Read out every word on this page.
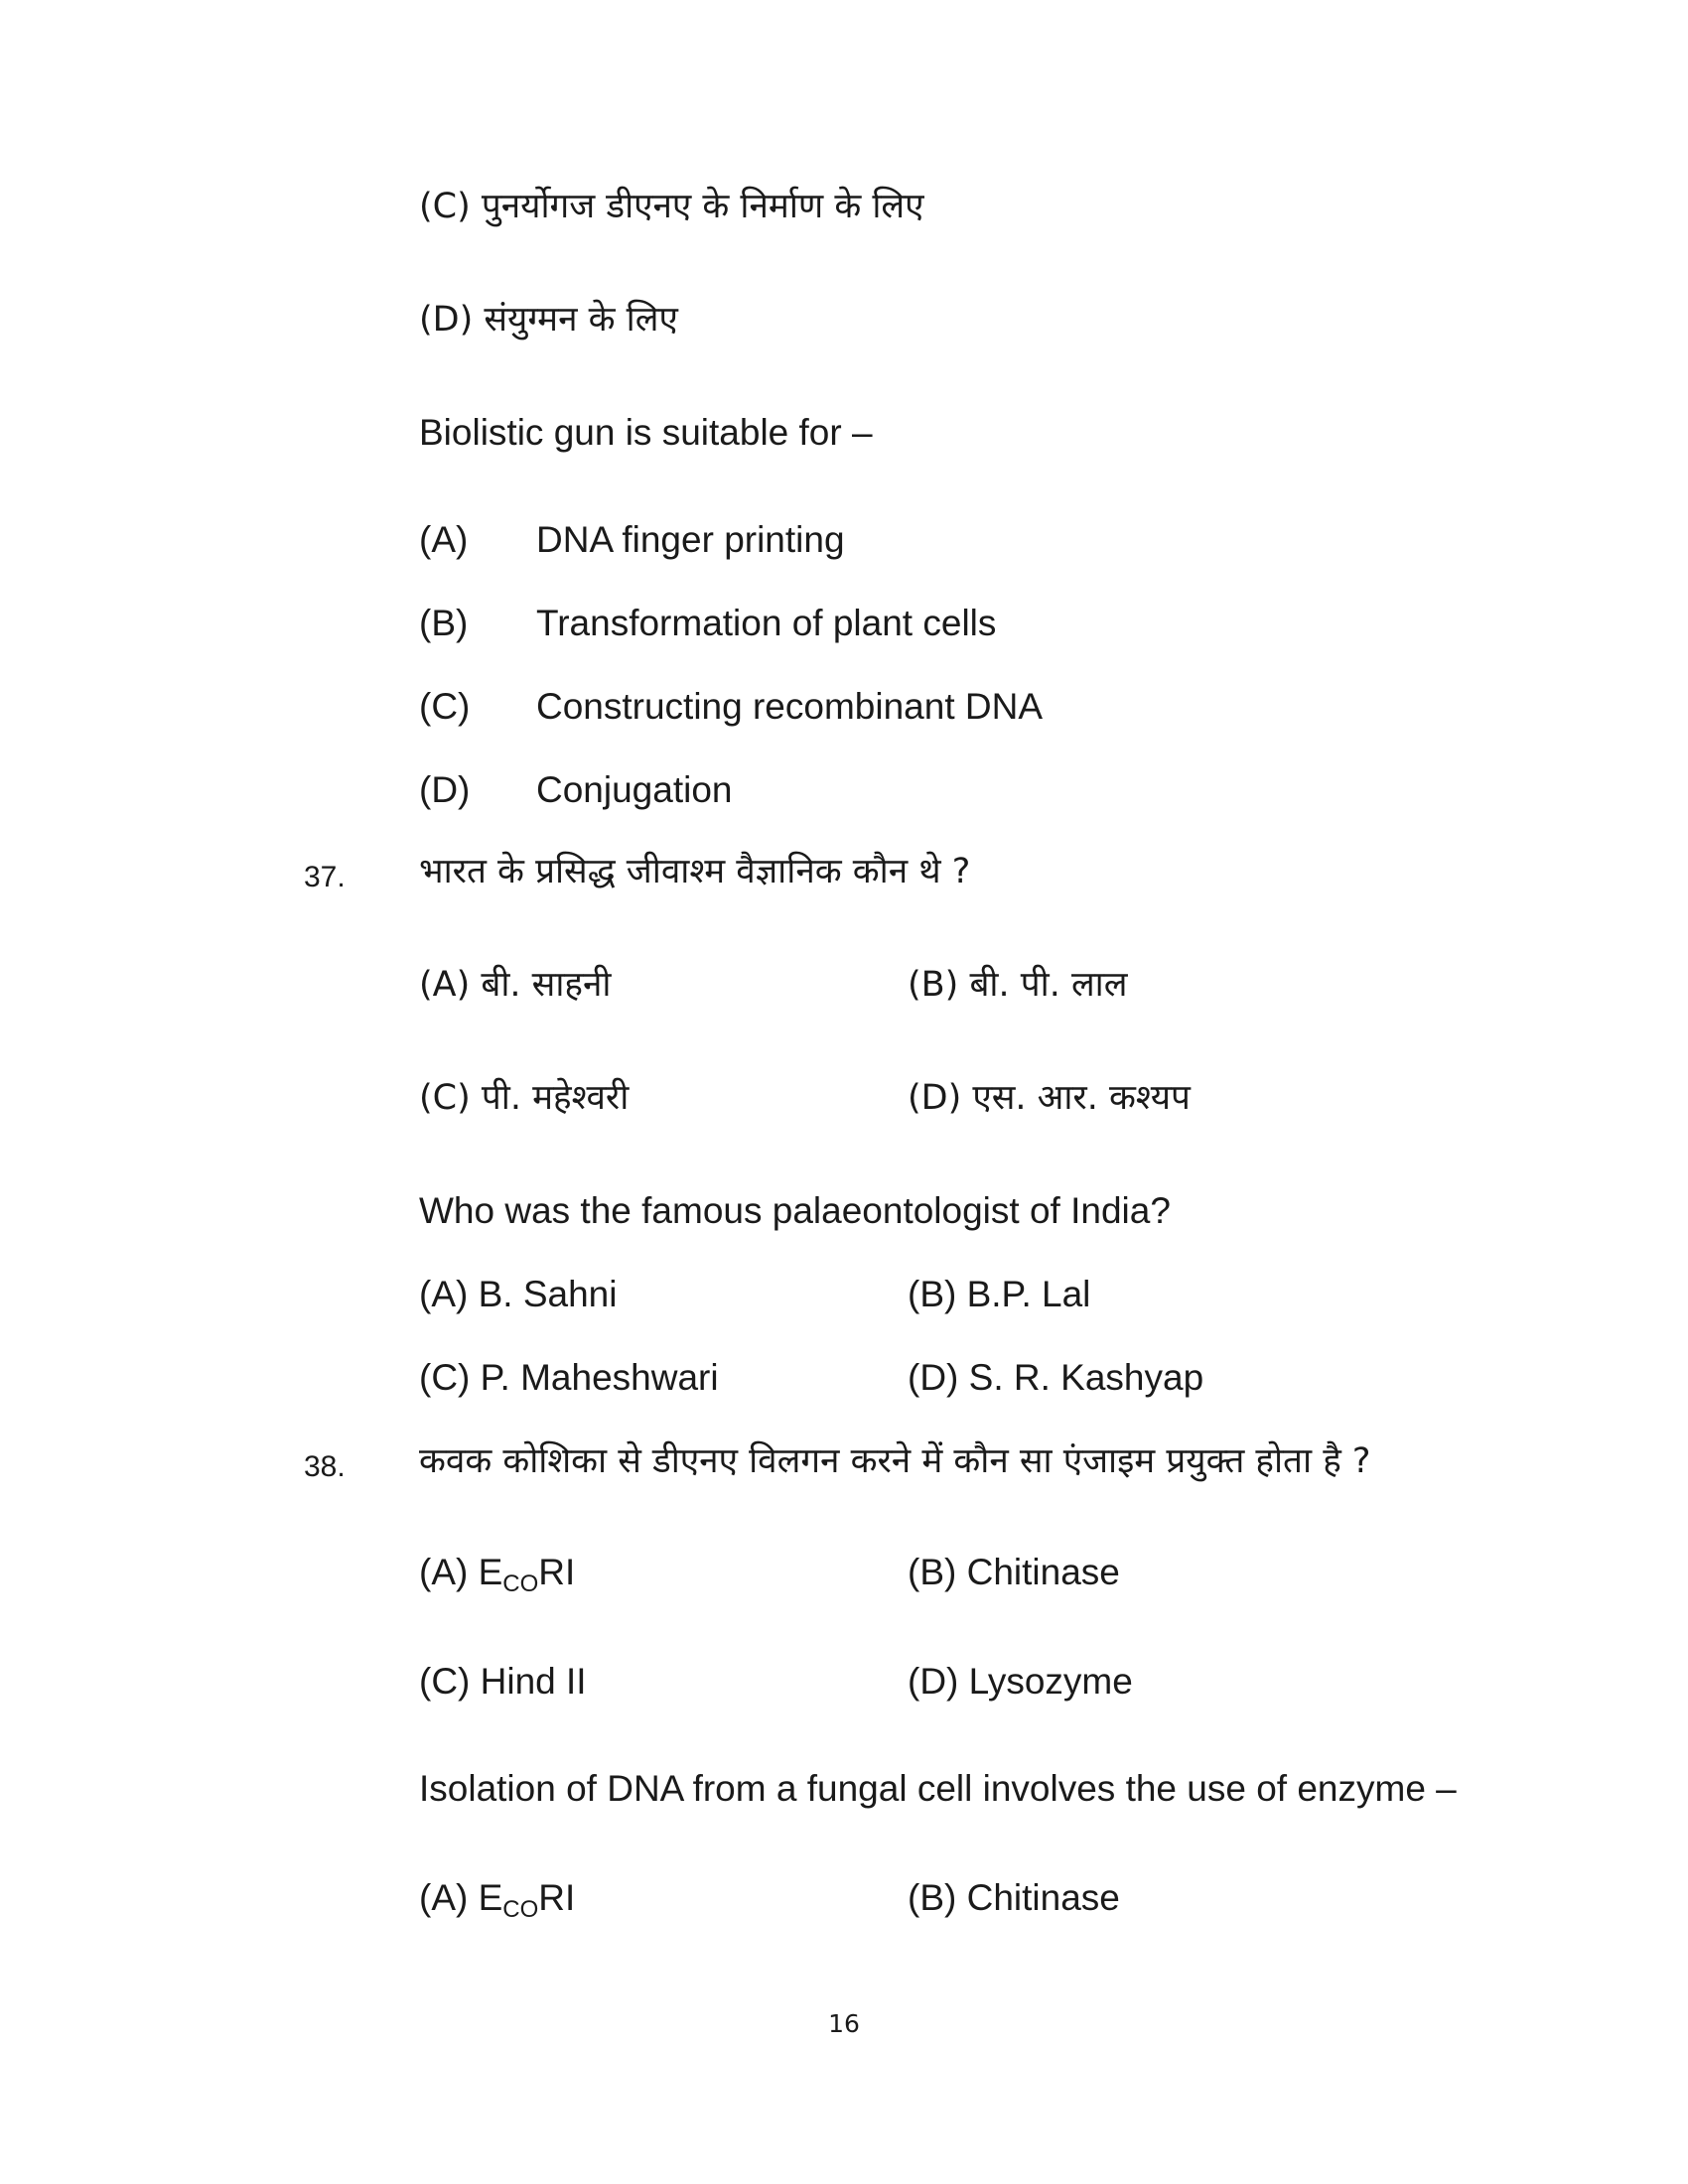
(C) पुनर्योगज डीएनए के निर्माण के लिए
(D) संयुग्मन के लिए
Biolistic gun is suitable for –
(A) DNA finger printing
(B) Transformation of plant cells
(C) Constructing recombinant DNA
(D) Conjugation
37. भारत के प्रसिद्ध जीवाश्म वैज्ञानिक कौन थे ?
(A) बी. साहनी	(B) बी. पी. लाल
(C) पी. महेश्वरी	(D) एस. आर. कश्यप
Who was the famous palaeontologist of India?
(A) B. Sahni	(B) B.P. Lal
(C) P. Maheshwari	(D) S. R. Kashyap
38. कवक कोशिका से डीएनए विलगन करने में कौन सा एंजाइम प्रयुक्त होता है ?
(A) $E_{CO}RI$	(B) Chitinase
(C) Hind II	(D) Lysozyme
Isolation of DNA from a fungal cell involves the use of enzyme –
(A) $E_{CO}RI$	(B) Chitinase
16
